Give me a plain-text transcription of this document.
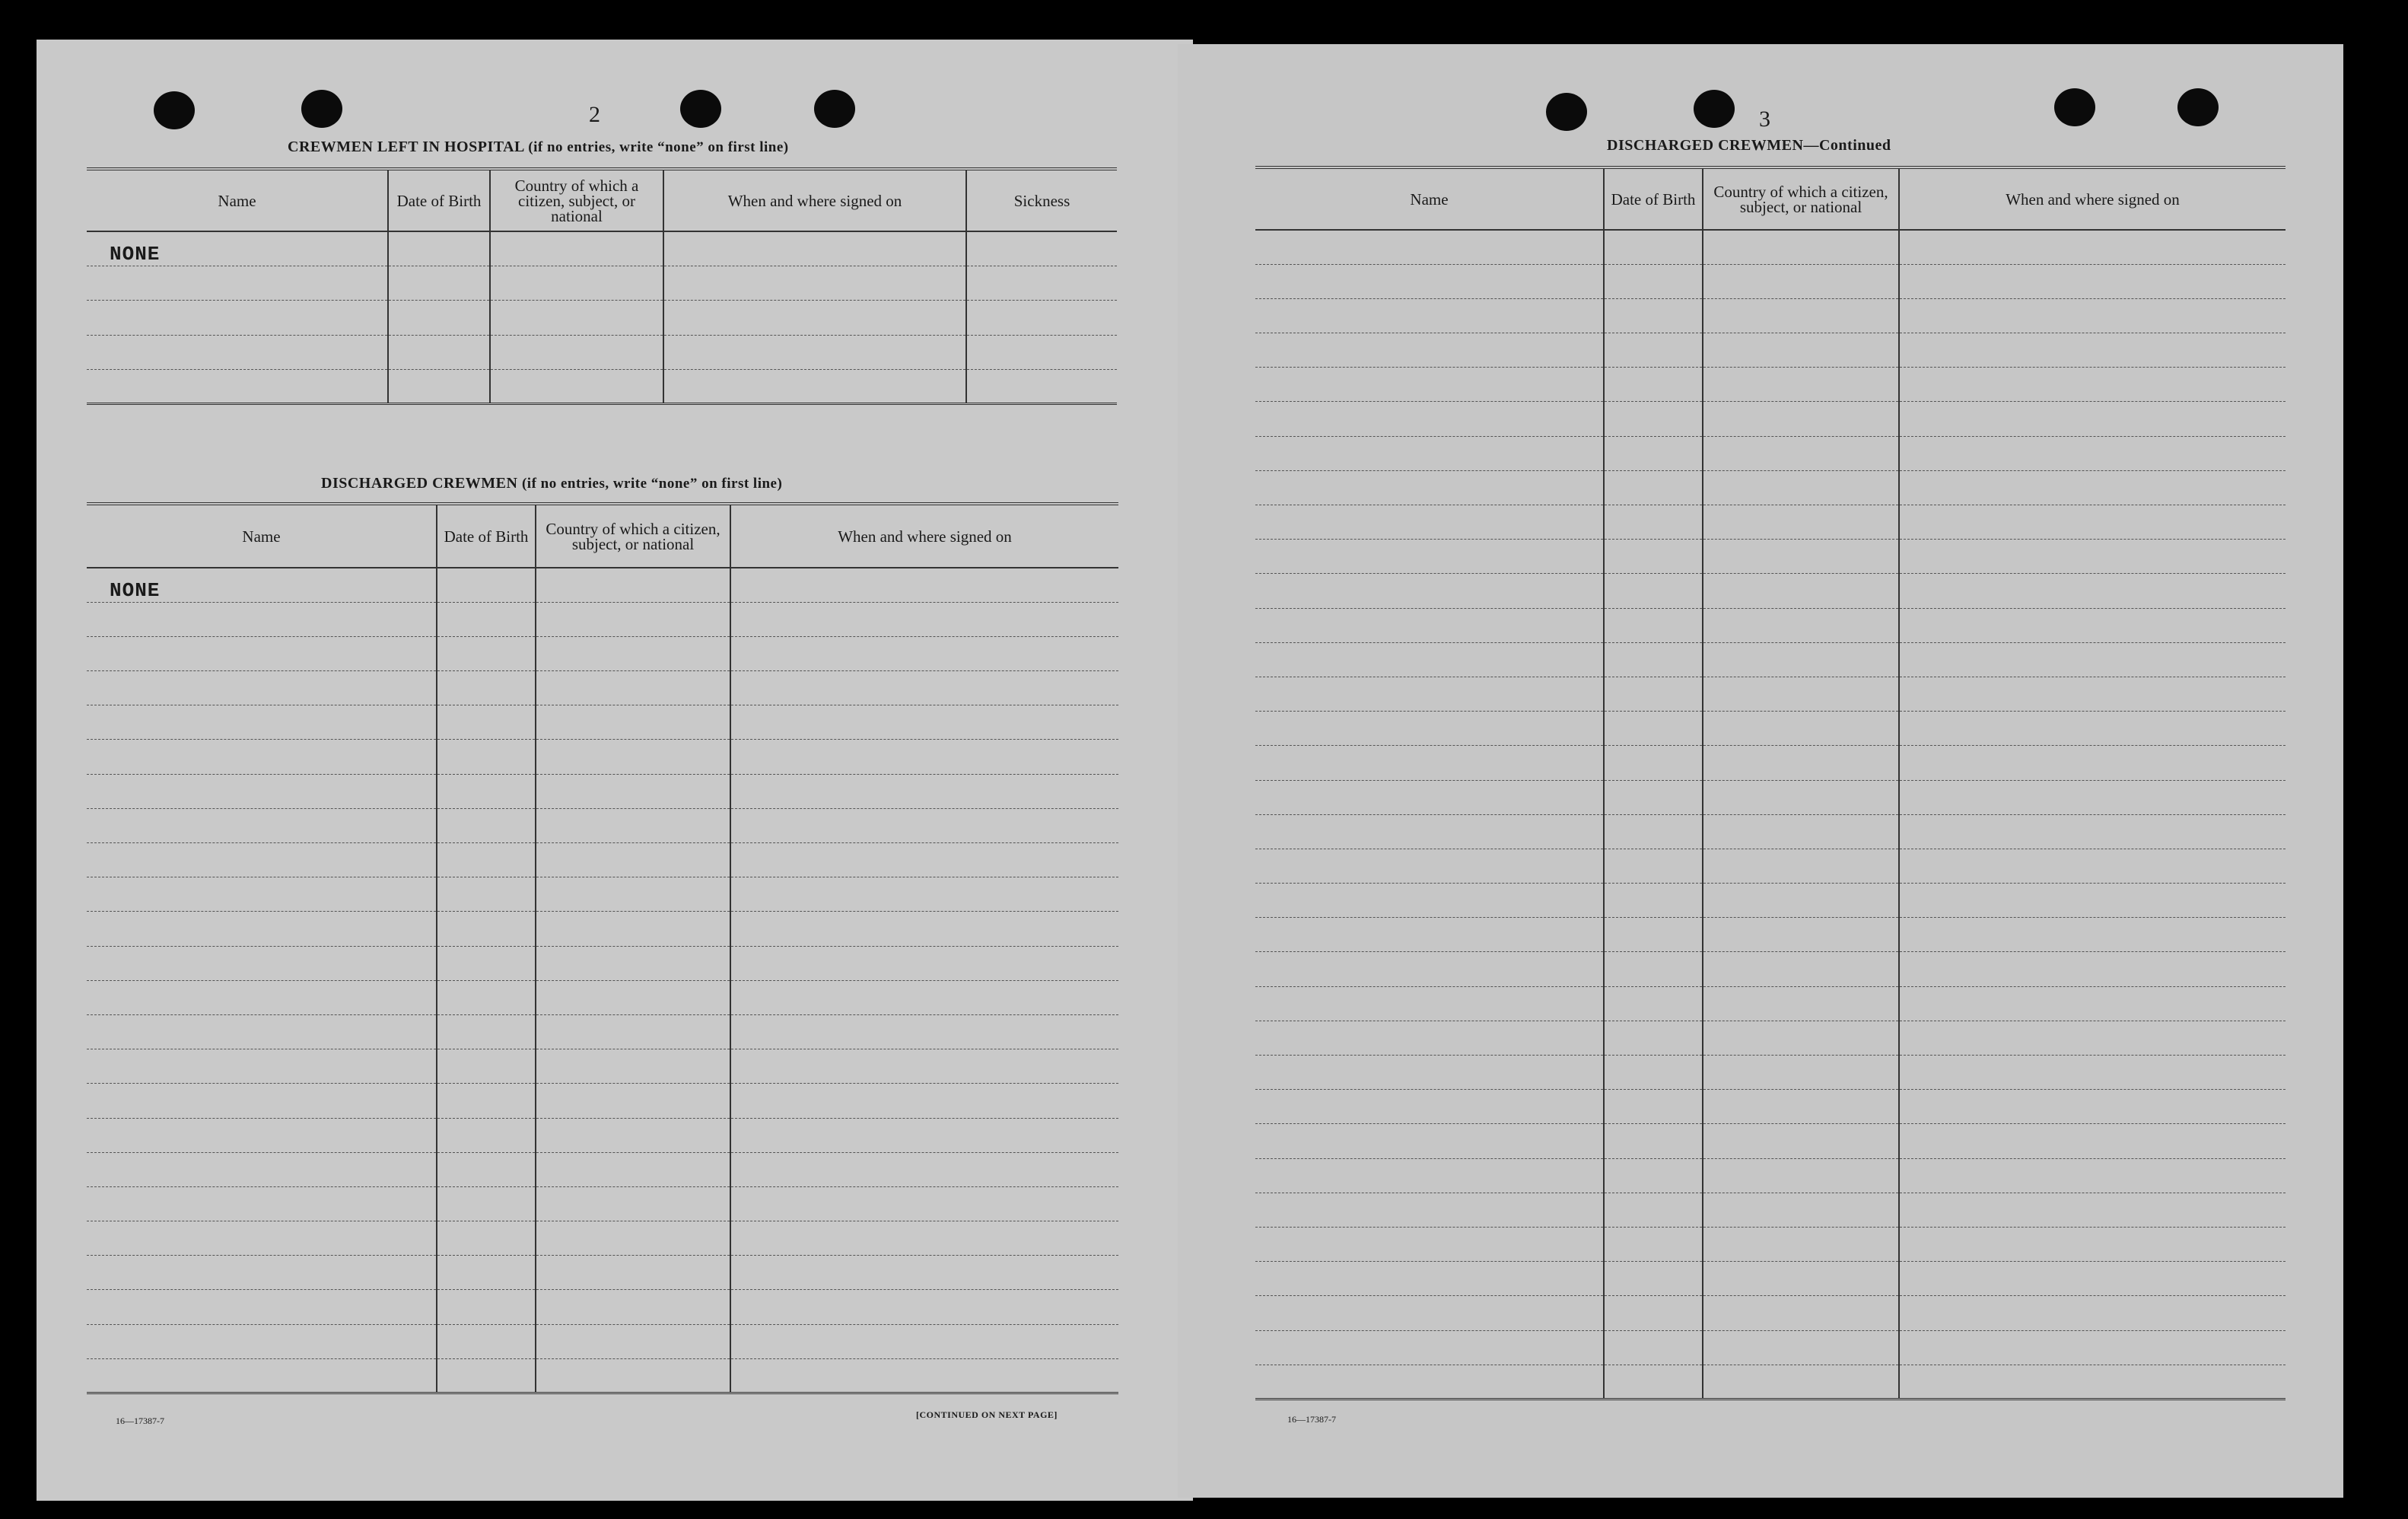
2
CREWMEN LEFT IN HOSPITAL (if no entries, write “none” on first line)
Name	Date of Birth	Country of which a citizen, subject, or national	When and where signed on	Sickness
NONE				

DISCHARGED CREWMEN (if no entries, write “none” on first line)
Name	Date of Birth	Country of which a citizen, subject, or national	When and where signed on
NONE			

16—17387-7
[CONTINUED ON NEXT PAGE]
3
DISCHARGED CREWMEN—Continued
Name	Date of Birth	Country of which a citizen, subject, or national	When and where signed on

16—17387-7
